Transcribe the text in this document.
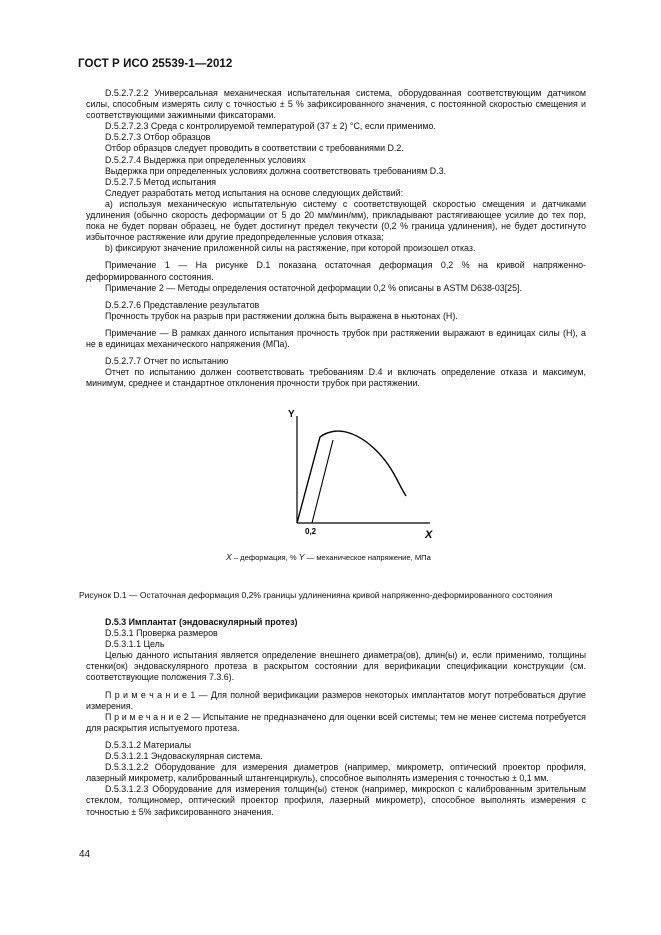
ГОСТ Р ИСО 25539-1—2012

D.5.2.7.2.2 Универсальная механическая испытательная система, оборудованная соответствующим датчиком силы, способным измерять силу с точностью ± 5 % зафиксированного значения, с постоянной скоростью смещения и соответствующими зажимными фиксаторами.

D.5.2.7.2.3 Среда с контролируемой температурой (37 ± 2) °С, если применимо.

D.5.2.7.3 Отбор образцов

Отбор образцов следует проводить в соответствии с требованиями D.2.

D.5.2.7.4 Выдержка при определенных условиях

Выдержка при определенных условиях должна соответствовать требованиям D.3.

D.5.2.7.5 Метод испытания

Следует разработать метод испытания на основе следующих действий:

a) используя механическую испытательную систему с соответствующей скоростью смещения и датчиками удлинения (обычно скорость деформации от 5 до 20 мм/мин/мм), прикладывают растягивающее усилие до тех пор, пока не будет порван образец, не будет достигнут предел текучести (0,2 % граница удлинения), не будет достигнуто избыточное растяжение или другие предопределенные условия отказа;

b) фиксируют значение приложенной силы на растяжение, при которой произошел отказ.

Примечание 1 — На рисунке D.1 показана остаточная деформация 0,2 % на кривой напряженно-деформированного состояния.

Примечание 2 — Методы определения остаточной деформации 0,2 % описаны в ASTM D638-03[25].

D.5.2.7.6 Представление результатов

Прочность трубок на разрыв при растяжении должна быть выражена в ньютонах (Н).

Примечание — В рамках данного испытания прочность трубок при растяжении выражают в единицах силы (Н), а не в единицах механического напряжения (МПа).

D.5.2.7.7 Отчет по испытанию

Отчет по испытанию должен соответствовать требованиям D.4 и включать определение отказа и максимум, минимум, среднее и стандартное отклонения прочности трубок при растяжении.

Y
X
0,2
X – деформация, % Y — механическое напряжение, МПа
Рисунок D.1 — Остаточная деформация 0,2% границы удлиненияна кривой напряженно-деформированного состояния

D.5.3 Имплантат (эндоваскулярный протез)

D.5.3.1 Проверка размеров

D.5.3.1.1 Цель

Целью данного испытания является определение внешнего диаметра(ов), длин(ы) и, если применимо, толщины стенки(ок) эндоваскулярного протеза в раскрытом состоянии для верификации спецификации конструкции (см. соответствующие положения 7.3.6).

П р и м е ч а н и е 1 — Для полной верификации размеров некоторых имплантатов могут потребоваться другие измерения.

П р и м е ч а н и е 2 — Испытание не предназначено для оценки всей системы; тем не менее система потребуется для раскрытия испытуемого протеза.

D.5.3.1.2 Материалы

D.5.3.1.2.1 Эндоваскулярная система.

D.5.3.1.2.2 Оборудование для измерения диаметров (например, микрометр, оптический проектор профиля, лазерный микрометр, калиброванный штангенциркуль), способное выполнять измерения с точностью ± 0,1 мм.

D.5.3.1.2.3 Оборудование для измерения толщин(ы) стенок (например, микроскоп с калиброванным зрительным стеклом, толщиномер, оптический проектор профиля, лазерный микрометр), способное выполнять измерения с точностью ± 5% зафиксированного значения.

44
